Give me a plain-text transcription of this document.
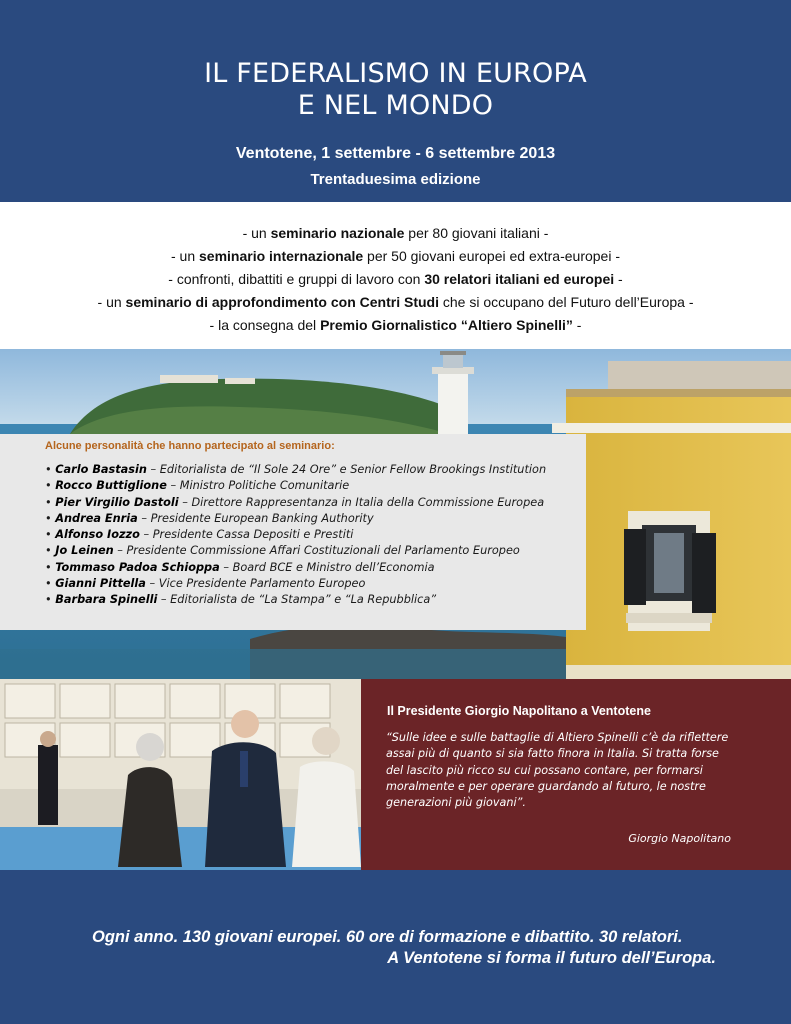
IL FEDERALISMO IN EUROPA
E NEL MONDO
Ventotene, 1 settembre - 6 settembre 2013
Trentaduesima edizione
- un seminario nazionale per 80 giovani italiani -
- un seminario internazionale per 50 giovani europei ed extra-europei -
- confronti, dibattiti e gruppi di lavoro con 30 relatori italiani ed europei -
- un seminario di approfondimento con Centri Studi che si occupano del Futuro dell’Europa -
- la consegna del Premio Giornalistico “Altiero Spinelli” -
Alcune personalità che hanno partecipato al seminario:
• Carlo Bastasin – Editorialista de “Il Sole 24 Ore” e Senior Fellow Brookings Institution
• Rocco Buttiglione – Ministro Politiche Comunitarie
• Pier Virgilio Dastoli – Direttore Rappresentanza in Italia della Commissione Europea
• Andrea Enria – Presidente European Banking Authority
• Alfonso Iozzo – Presidente Cassa Depositi e Prestiti
• Jo Leinen – Presidente Commissione Affari Costituzionali del Parlamento Europeo
• Tommaso Padoa Schioppa – Board BCE e Ministro dell’Economia
• Gianni Pittella – Vice Presidente Parlamento Europeo
• Barbara Spinelli – Editorialista de “La Stampa” e “La Repubblica”
Il Presidente Giorgio Napolitano a Ventotene
“Sulle idee e sulle battaglie di Altiero Spinelli c’è da riflettere assai più di quanto si sia fatto finora in Italia. Si tratta forse del lascito più ricco su cui possano contare, per formarsi moralmente e per operare guardando al futuro, le nostre generazioni più giovani”.
Giorgio Napolitano
Ogni anno. 130 giovani europei. 60 ore di formazione e dibattito. 30 relatori.
A Ventotene si forma il futuro dell’Europa.
